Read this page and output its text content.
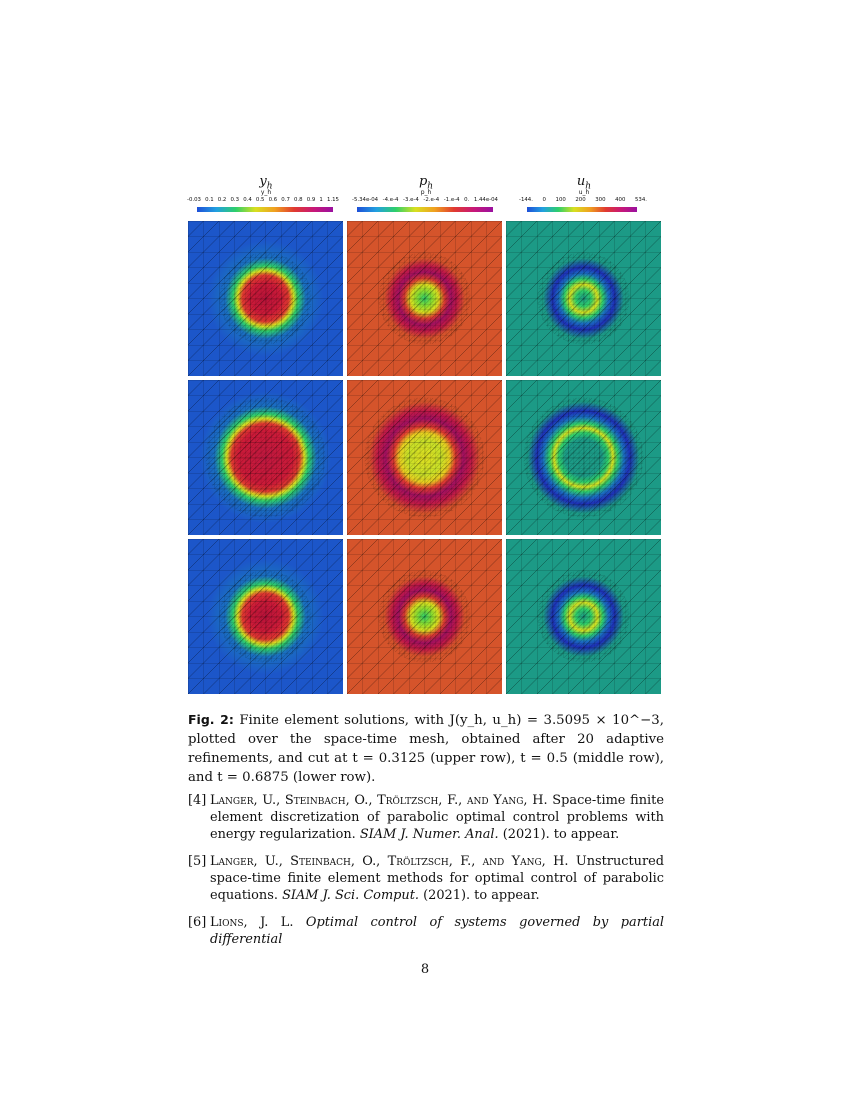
$y_h$
y_h
-0.03 0.1 0.2 0.3 0.4 0.5 0.6 0.7 0.8 0.9 1 1.15
$p_h$
p_h
-5.34e-04 -4.e-4 -3.e-4 -2.e-4 -1.e-4 0. 1.44e-04
$u_h$
u_h
-144. 0 100 200 300 400 534.
Fig. 2: Finite element solutions, with J(y_h, u_h) = 3.5095 × 10^−3, plotted over the space-time mesh, obtained after 20 adaptive refinements, and cut at t = 0.3125 (upper row), t = 0.5 (middle row), and t = 0.6875 (lower row).
[4] Langer, U., Steinbach, O., Tröltzsch, F., and Yang, H. Space-time finite element discretization of parabolic optimal control problems with energy regularization. SIAM J. Numer. Anal. (2021). to appear.
[5] Langer, U., Steinbach, O., Tröltzsch, F., and Yang, H. Unstructured space-time finite element methods for optimal control of parabolic equations. SIAM J. Sci. Comput. (2021). to appear.
[6] Lions, J. L. Optimal control of systems governed by partial differential
8
